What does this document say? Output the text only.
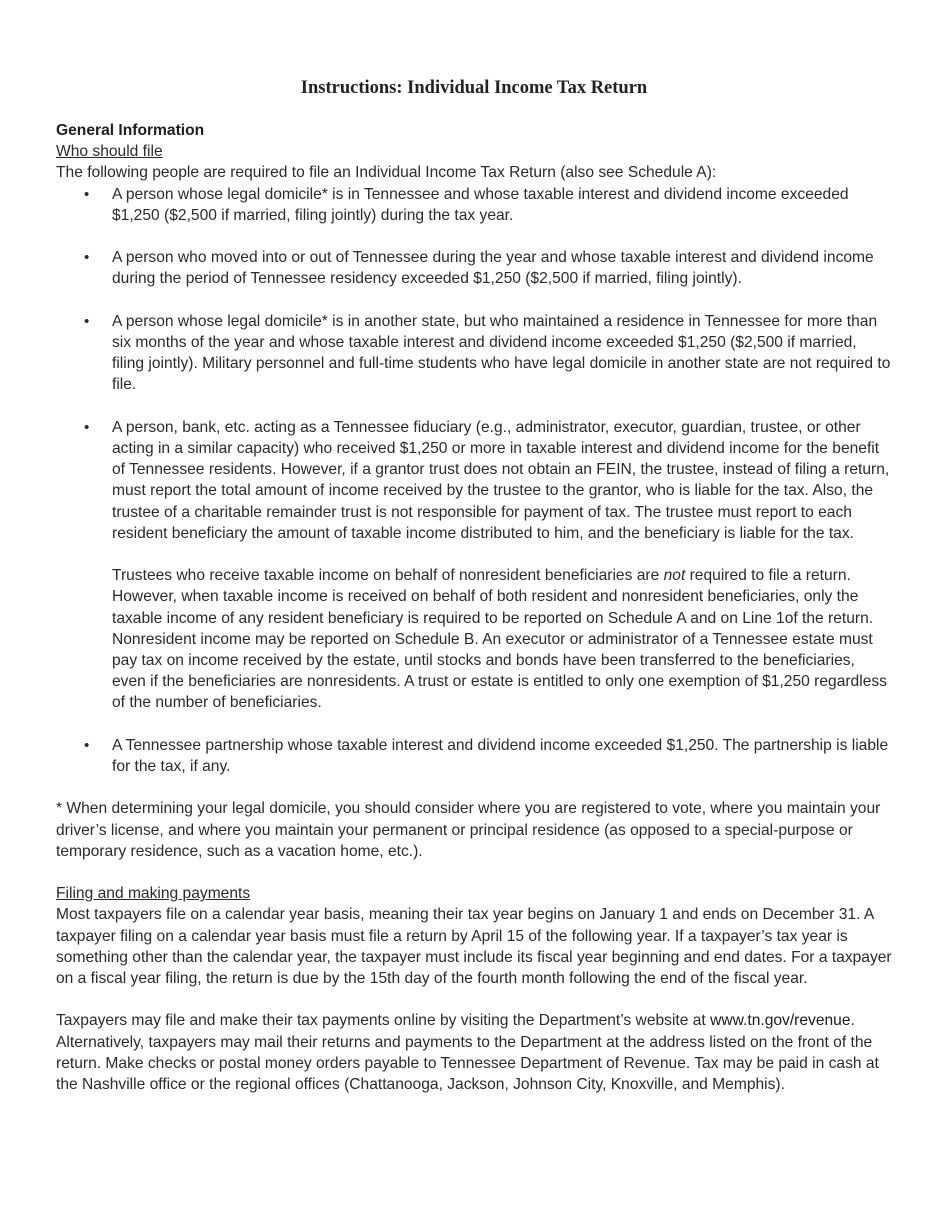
Instructions: Individual Income Tax Return
General Information
Who should file

The following people are required to file an Individual Income Tax Return (also see Schedule A):

• A person whose legal domicile* is in Tennessee and whose taxable interest and dividend income exceeded $1,250 ($2,500 if married, filing jointly) during the tax year.
• A person who moved into or out of Tennessee during the year and whose taxable interest and dividend income during the period of Tennessee residency exceeded $1,250 ($2,500 if married, filing jointly).
• A person whose legal domicile* is in another state, but who maintained a residence in Tennessee for more than six months of the year and whose taxable interest and dividend income exceeded $1,250 ($2,500 if married, filing jointly). Military personnel and full-time students who have legal domicile in another state are not required to file.
• A person, bank, etc. acting as a Tennessee fiduciary (e.g., administrator, executor, guardian, trustee, or other acting in a similar capacity) who received $1,250 or more in taxable interest and dividend income for the benefit of Tennessee residents. However, if a grantor trust does not obtain an FEIN, the trustee, instead of filing a return, must report the total amount of income received by the trustee to the grantor, who is liable for the tax. Also, the trustee of a charitable remainder trust is not responsible for payment of tax. The trustee must report to each resident beneficiary the amount of taxable income distributed to him, and the beneficiary is liable for the tax.
Trustees who receive taxable income on behalf of nonresident beneficiaries are not required to file a return. However, when taxable income is received on behalf of both resident and nonresident beneficiaries, only the taxable income of any resident beneficiary is required to be reported on Schedule A and on Line 1of the return. Nonresident income may be reported on Schedule B. An executor or administrator of a Tennessee estate must pay tax on income received by the estate, until stocks and bonds have been transferred to the beneficiaries, even if the beneficiaries are nonresidents. A trust or estate is entitled to only one exemption of $1,250 regardless of the number of beneficiaries.
• A Tennessee partnership whose taxable interest and dividend income exceeded $1,250. The partnership is liable for the tax, if any.

* When determining your legal domicile, you should consider where you are registered to vote, where you maintain your driver’s license, and where you maintain your permanent or principal residence (as opposed to a special-purpose or temporary residence, such as a vacation home, etc.).

Filing and making payments

Most taxpayers file on a calendar year basis, meaning their tax year begins on January 1 and ends on December 31. A taxpayer filing on a calendar year basis must file a return by April 15 of the following year. If a taxpayer’s tax year is something other than the calendar year, the taxpayer must include its fiscal year beginning and end dates. For a taxpayer on a fiscal year filing, the return is due by the 15th day of the fourth month following the end of the fiscal year.

Taxpayers may file and make their tax payments online by visiting the Department’s website at www.tn.gov/revenue. Alternatively, taxpayers may mail their returns and payments to the Department at the address listed on the front of the return. Make checks or postal money orders payable to Tennessee Department of Revenue. Tax may be paid in cash at the Nashville office or the regional offices (Chattanooga, Jackson, Johnson City, Knoxville, and Memphis).
